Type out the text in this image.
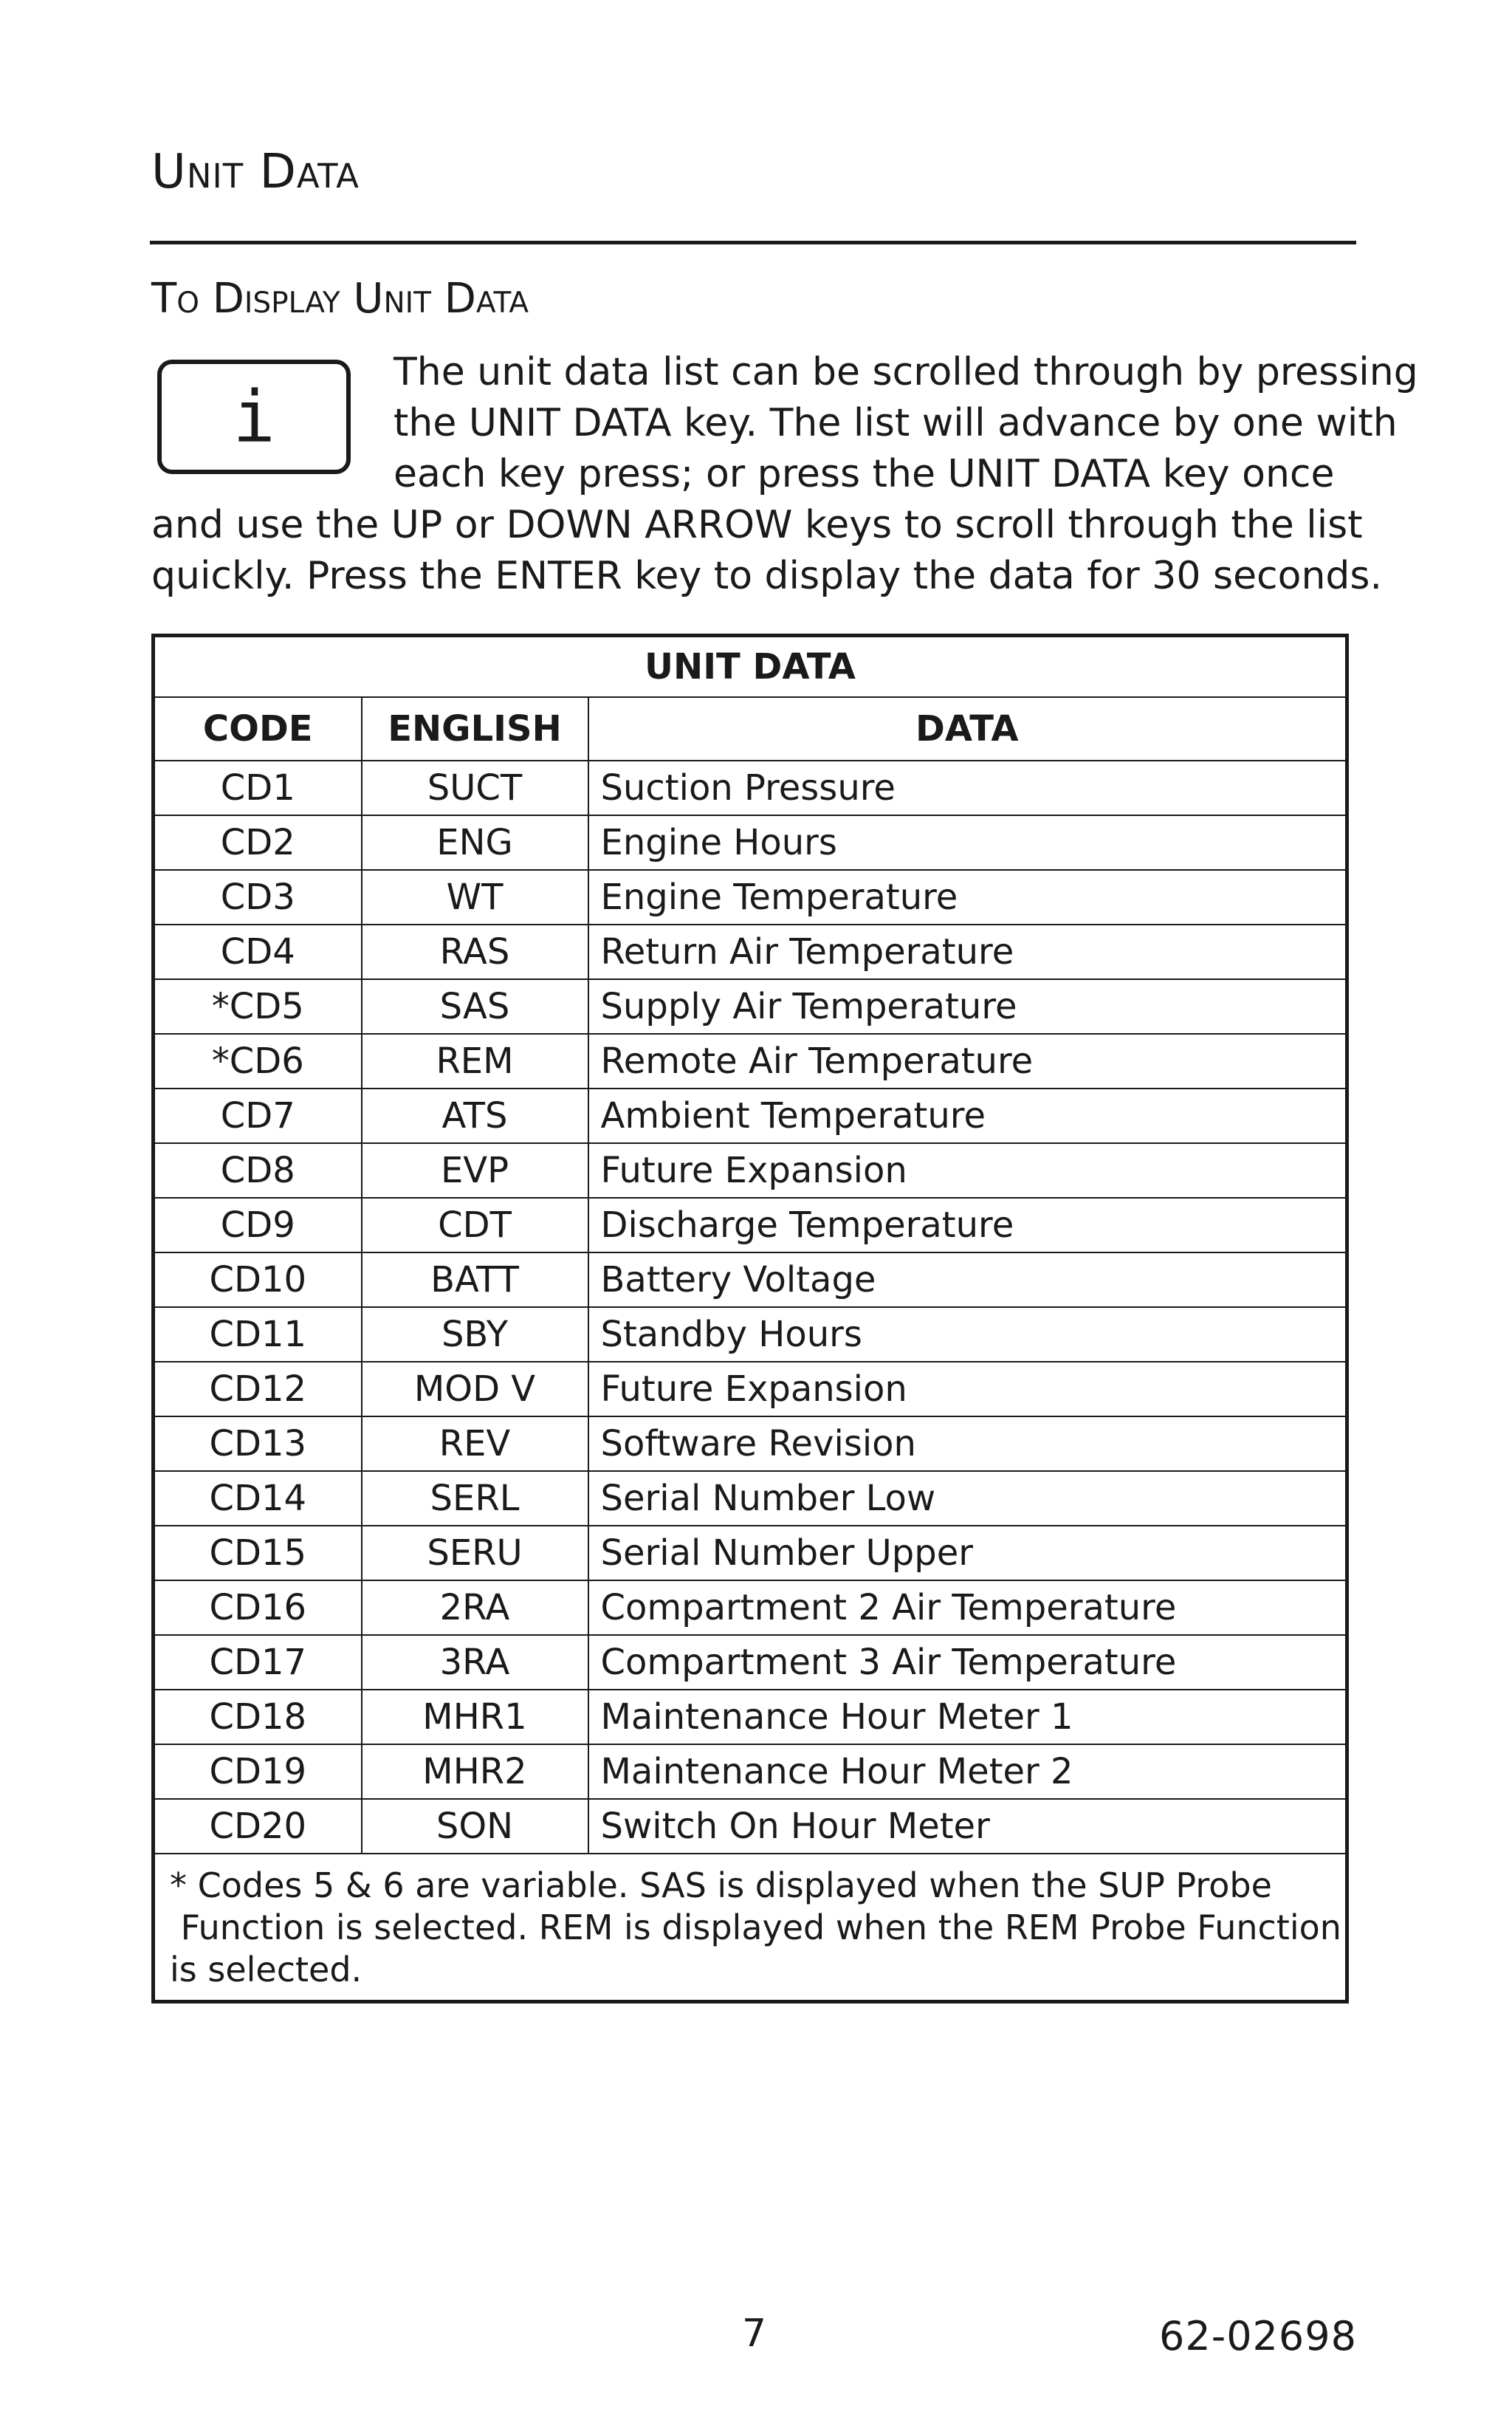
Unit Data
To Display Unit Data
i
The unit data list can be scrolled through by pressing
the UNIT DATA key. The list will advance by one with
each key press; or press the UNIT DATA key once
and use the UP or DOWN ARROW keys to scroll through the list
quickly. Press the ENTER key to display the data for 30 seconds.
UNIT DATA		
CODE	ENGLISH	DATA
CD1	SUCT	Suction Pressure
CD2	ENG	Engine Hours
CD3	WT	Engine Temperature
CD4	RAS	Return Air Temperature
*CD5	SAS	Supply Air Temperature
*CD6	REM	Remote Air Temperature
CD7	ATS	Ambient Temperature
CD8	EVP	Future Expansion
CD9	CDT	Discharge Temperature
CD10	BATT	Battery Voltage
CD11	SBY	Standby Hours
CD12	MOD V	Future Expansion
CD13	REV	Software Revision
CD14	SERL	Serial Number Low
CD15	SERU	Serial Number Upper
CD16	2RA	Compartment 2 Air Temperature
CD17	3RA	Compartment 3 Air Temperature
CD18	MHR1	Maintenance Hour Meter 1
CD19	MHR2	Maintenance Hour Meter 2
CD20	SON	Switch On Hour Meter

* Codes 5 & 6 are variable. SAS is displayed when the SUP Probe
Function is selected. REM is displayed when the REM Probe Function
is selected.		
7	62-02698
